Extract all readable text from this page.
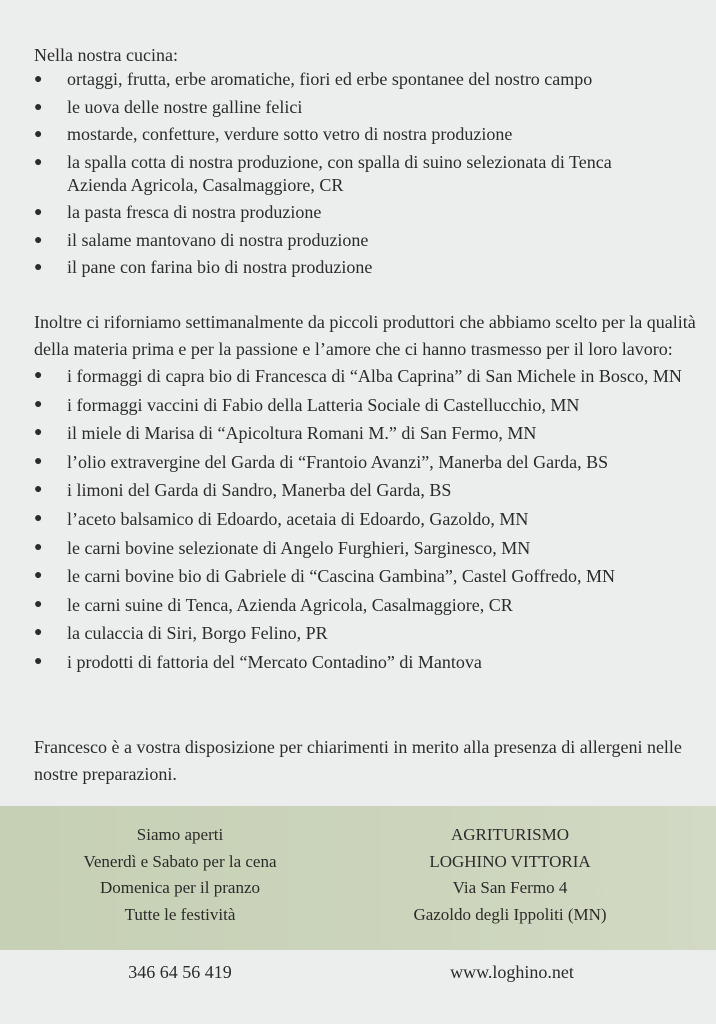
Nella nostra cucina:

● ortaggi, frutta, erbe aromatiche, fiori ed erbe spontanee del nostro campo
● le uova delle nostre galline felici
● mostarde, confetture, verdure sotto vetro di nostra produzione
● la spalla cotta di nostra produzione, con spalla di suino selezionata di Tenca Azienda Agricola, Casalmaggiore, CR
● la pasta fresca di nostra produzione
● il salame mantovano di nostra produzione
● il pane con farina bio di nostra produzione

Inoltre ci riforniamo settimanalmente da piccoli produttori che abbiamo scelto per la qualità della materia prima e per la passione e l’amore che ci hanno trasmesso per il loro lavoro:

● i formaggi di capra bio di Francesca di “Alba Caprina” di San Michele in Bosco, MN
● i formaggi vaccini di Fabio della Latteria Sociale di Castellucchio, MN
● il miele di Marisa di “Apicoltura Romani M.” di San Fermo, MN
● l’olio extravergine del Garda di “Frantoio Avanzi”, Manerba del Garda, BS
● i limoni del Garda di Sandro, Manerba del Garda, BS
● l’aceto balsamico di Edoardo, acetaia di Edoardo, Gazoldo, MN
● le carni bovine selezionate di Angelo Furghieri, Sarginesco, MN
● le carni bovine bio di Gabriele di “Cascina Gambina”, Castel Goffredo, MN
● le carni suine di Tenca, Azienda Agricola, Casalmaggiore, CR
● la culaccia di Siri, Borgo Felino, PR
● i prodotti di fattoria del “Mercato Contadino” di Mantova

Francesco è a vostra disposizione per chiarimenti in merito alla presenza di allergeni nelle nostre preparazioni.

Siamo aperti
Venerdì e Sabato per la cena
Domenica per il pranzo
Tutte le festività
AGRITURISMO
LOGHINO VITTORIA
Via San Fermo 4
Gazoldo degli Ippoliti (MN)
346 64 56 419	www.loghino.net
